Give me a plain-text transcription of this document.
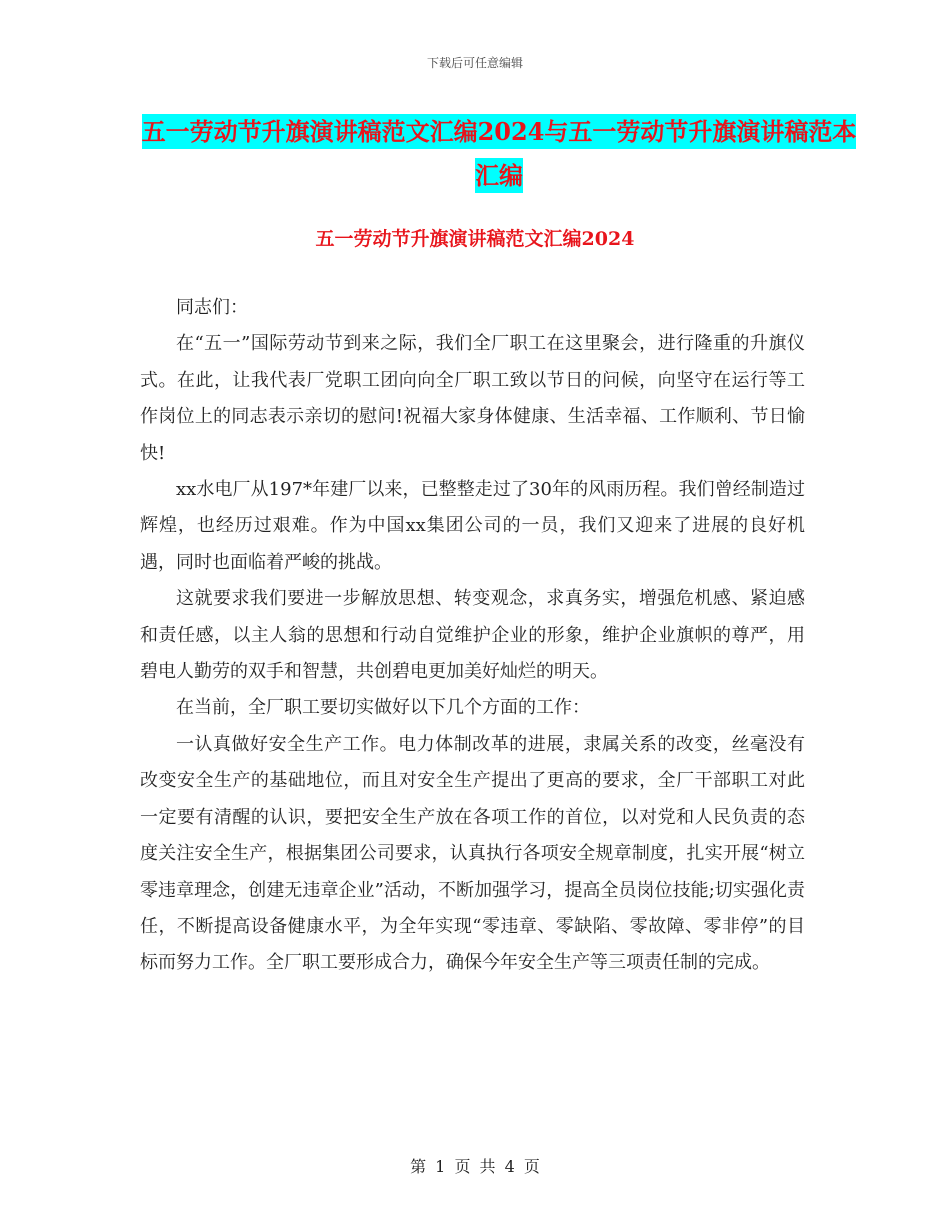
下载后可任意编辑
五一劳动节升旗演讲稿范文汇编2024与五一劳动节升旗演讲稿范本汇编
五一劳动节升旗演讲稿范文汇编2024

同志们：

在“五一”国际劳动节到来之际，我们全厂职工在这里聚会，进行隆重的升旗仪式。在此，让我代表厂党职工团向向全厂职工致以节日的问候，向坚守在运行等工作岗位上的同志表示亲切的慰问!祝福大家身体健康、生活幸福、工作顺利、节日愉快!

xx水电厂从197*年建厂以来，已整整走过了30年的风雨历程。我们曾经制造过辉煌，也经历过艰难。作为中国xx集团公司的一员，我们又迎来了进展的良好机遇，同时也面临着严峻的挑战。

这就要求我们要进一步解放思想、转变观念，求真务实，增强危机感、紧迫感和责任感，以主人翁的思想和行动自觉维护企业的形象，维护企业旗帜的尊严，用碧电人勤劳的双手和智慧，共创碧电更加美好灿烂的明天。

在当前，全厂职工要切实做好以下几个方面的工作：

一认真做好安全生产工作。电力体制改革的进展，隶属关系的改变，丝毫没有改变安全生产的基础地位，而且对安全生产提出了更高的要求，全厂干部职工对此一定要有清醒的认识，要把安全生产放在各项工作的首位，以对党和人民负责的态度关注安全生产，根据集团公司要求，认真执行各项安全规章制度，扎实开展“树立零违章理念，创建无违章企业”活动，不断加强学习，提高全员岗位技能;切实强化责任，不断提高设备健康水平，为全年实现“零违章、零缺陷、零故障、零非停”的目标而努力工作。全厂职工要形成合力，确保今年安全生产等三项责任制的完成。

第 1 页 共 4 页
